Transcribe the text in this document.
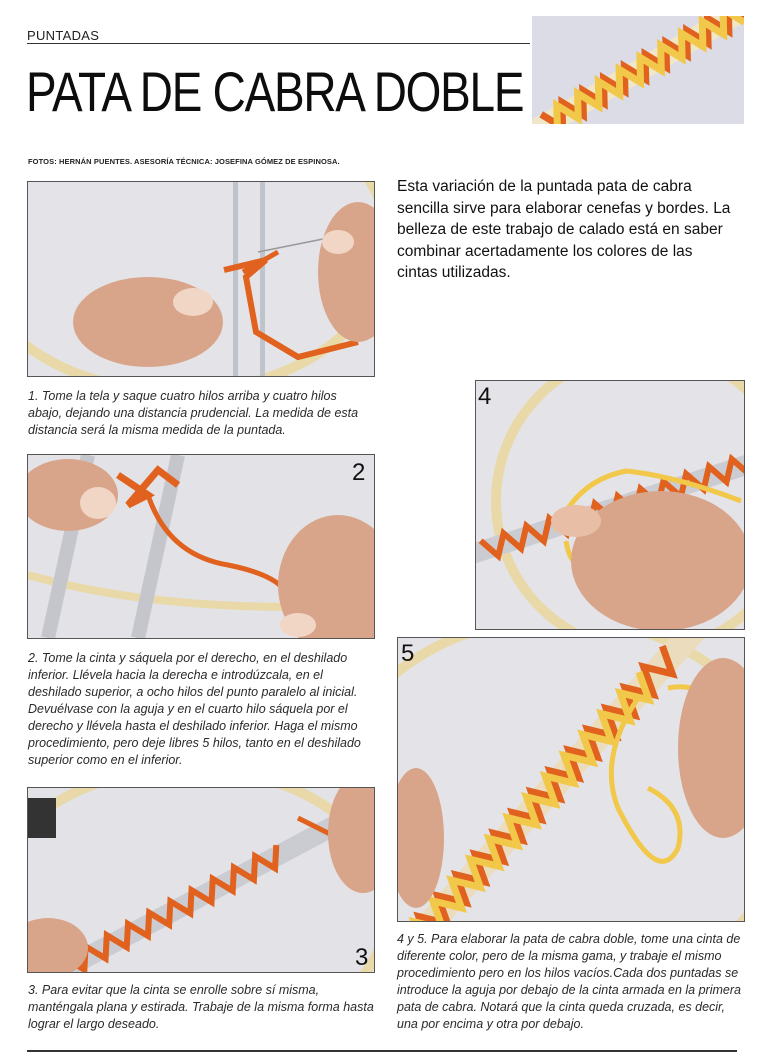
PUNTADAS
PATA DE CABRA DOBLE
FOTOS: HERNÁN PUENTES. ASESORÍA TÉCNICA: JOSEFINA GÓMEZ DE ESPINOSA.
Esta variación de la puntada pata de cabra sencilla sirve para elaborar cenefas y bordes. La belleza de este trabajo de calado está en saber combinar acertadamente los colores de las cintas utilizadas.
1. Tome la tela y saque cuatro hilos arriba y cuatro hilos abajo, dejando una distancia prudencial. La medida de esta distancia será la misma medida de la puntada.
2
2. Tome la cinta y sáquela por el derecho, en el deshilado inferior. Llévela hacia la derecha e introdúzcala, en el deshilado superior, a ocho hilos del punto paralelo al inicial. Devuélvase con la aguja y en el cuarto hilo sáquela por el derecho y llévela hasta el deshilado inferior. Haga el mismo procedimiento, pero deje libres 5 hilos, tanto en el deshilado superior como en el inferior.
3
3. Para evitar que la cinta se enrolle sobre sí misma, manténgala plana y estirada. Trabaje de la misma forma hasta lograr el largo deseado.
4
5
4 y 5. Para elaborar la pata de cabra doble, tome una cinta de diferente color, pero de la misma gama, y trabaje el mismo procedimiento pero en los hilos vacíos.Cada dos puntadas se introduce la aguja por debajo de la cinta armada en la primera pata de cabra. Notará que la cinta queda cruzada, es decir, una por encima y otra por debajo.
